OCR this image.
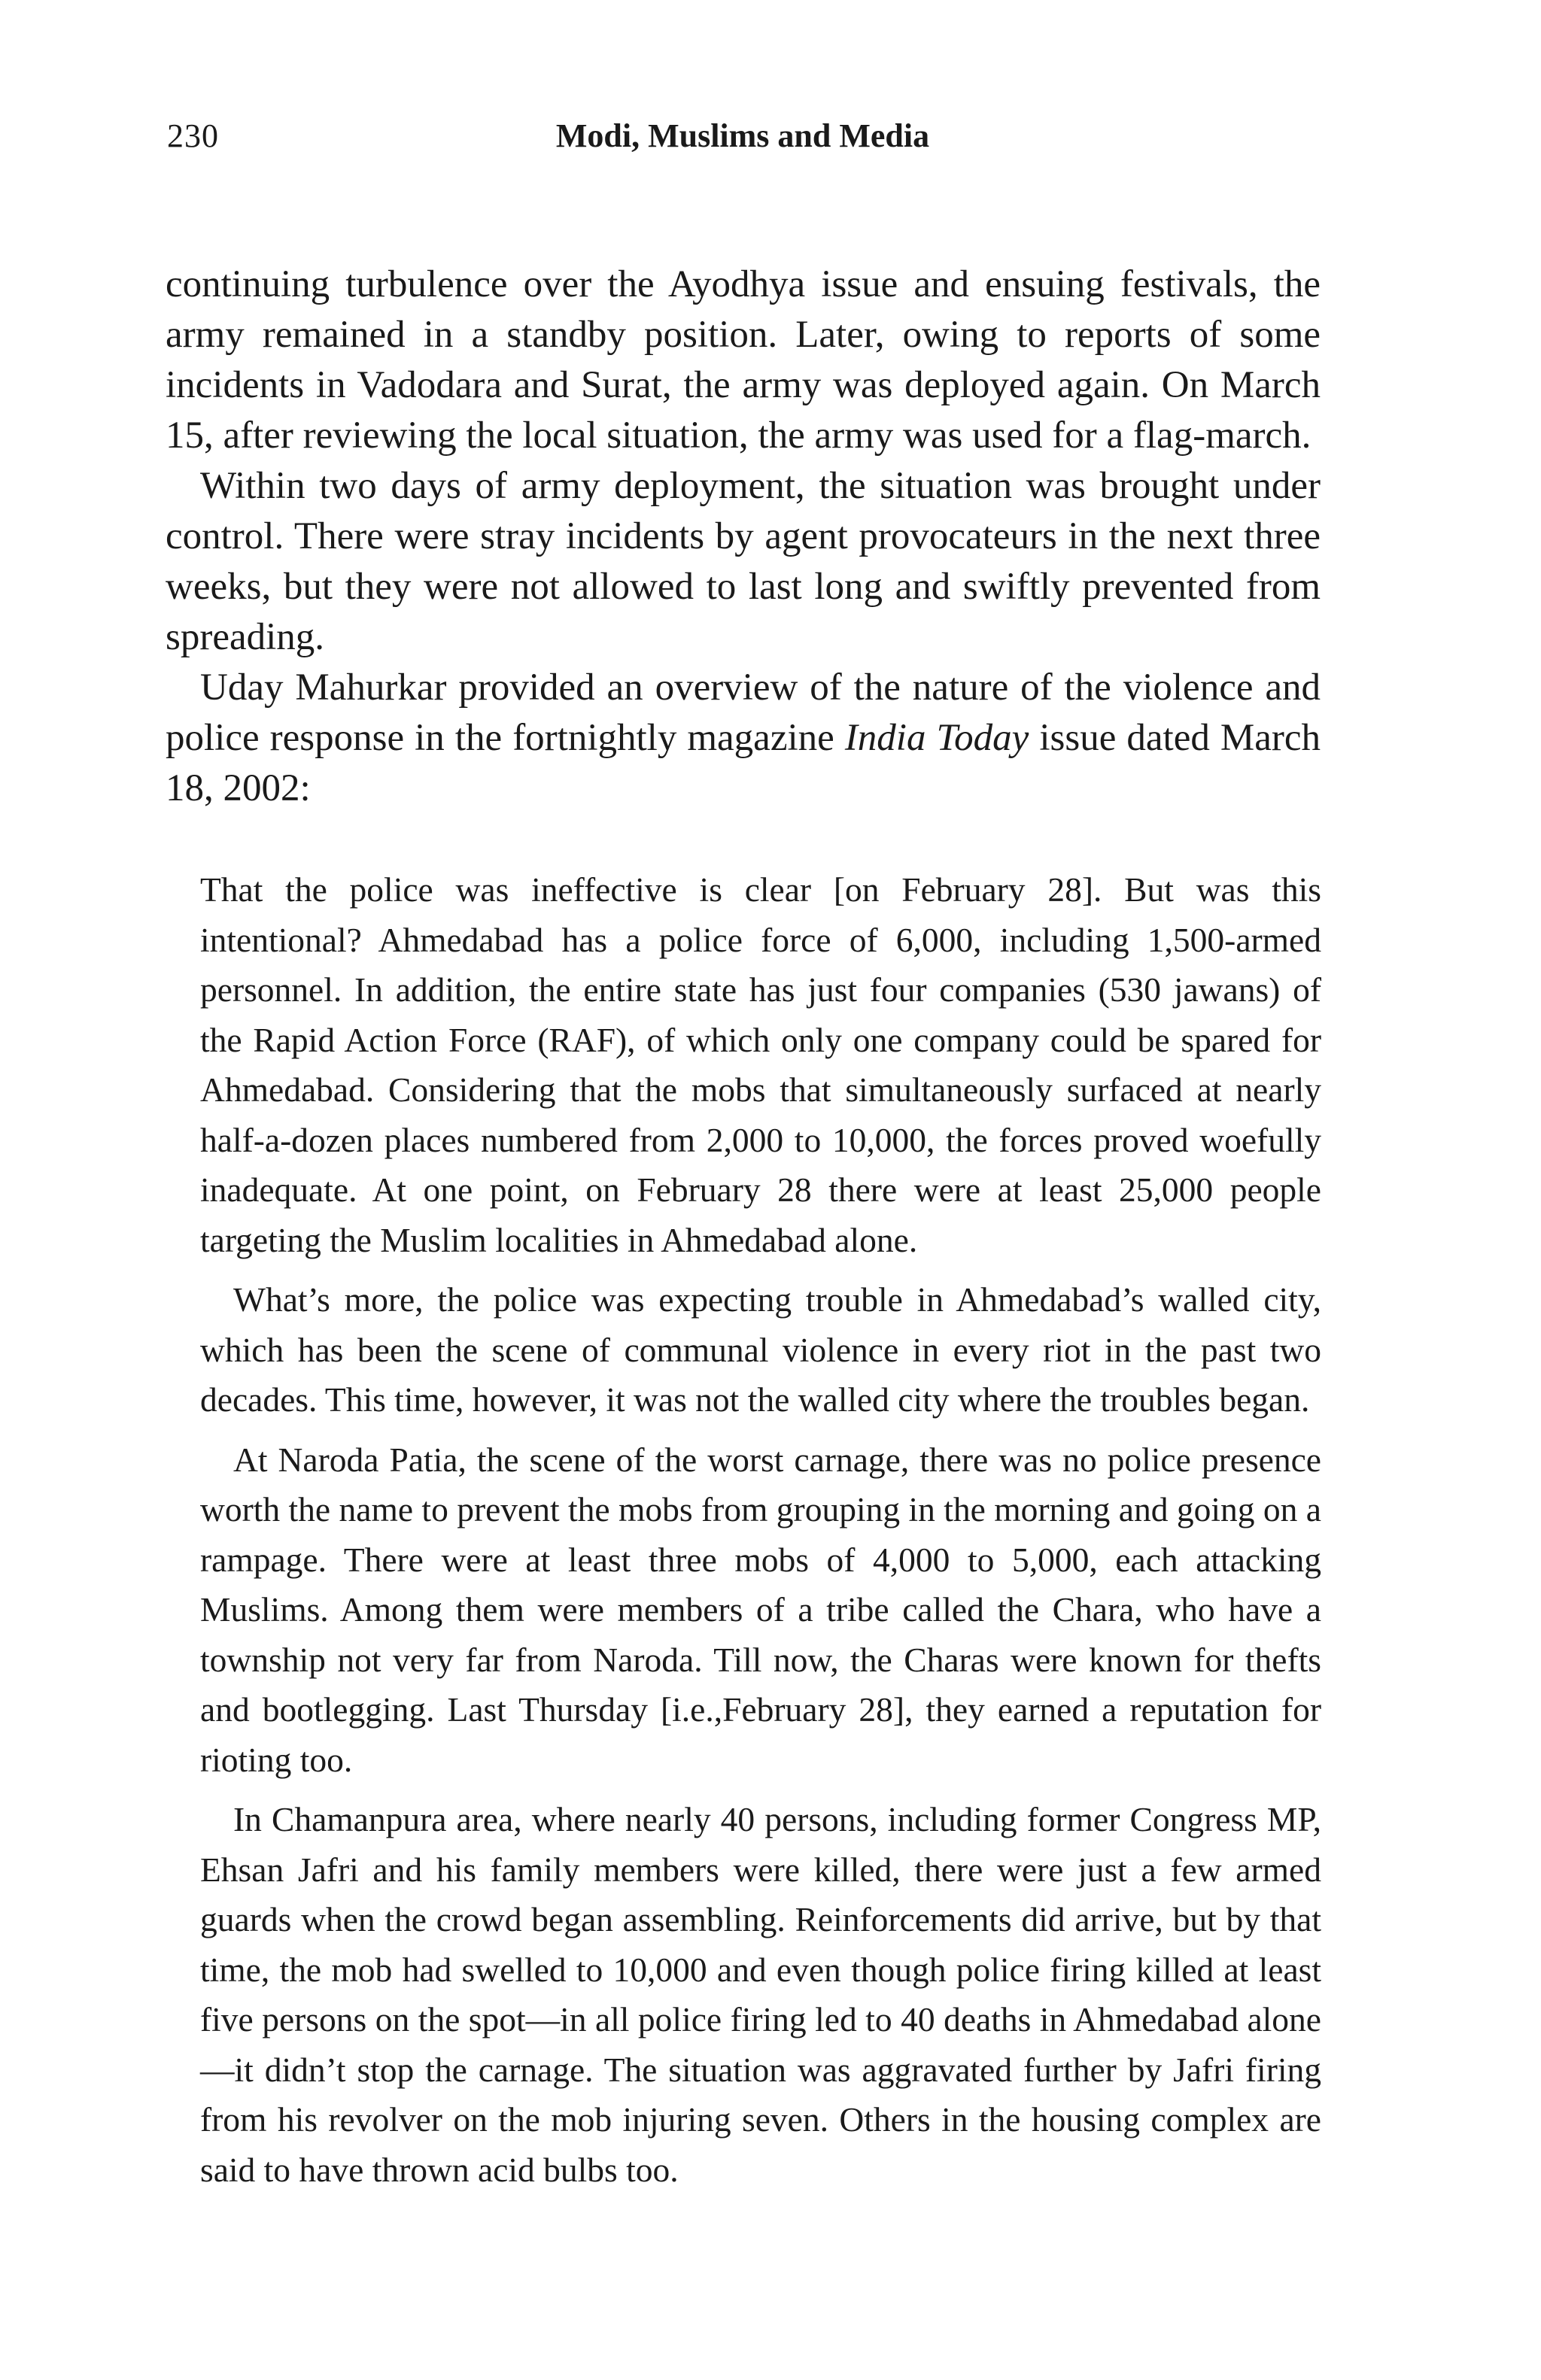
230	Modi, Muslims and Media

continuing turbulence over the Ayodhya issue and ensuing festivals, the army remained in a standby position. Later, owing to reports of some incidents in Vadodara and Surat, the army was deployed again. On March 15, after reviewing the local situation, the army was used for a flag-march.

Within two days of army deployment, the situation was brought under control. There were stray incidents by agent provocateurs in the next three weeks, but they were not allowed to last long and swiftly prevented from spreading.

Uday Mahurkar provided an overview of the nature of the violence and police response in the fortnightly magazine India Today issue dated March 18, 2002:

That the police was ineffective is clear [on February 28]. But was this intentional? Ahmedabad has a police force of 6,000, including 1,500-armed personnel. In addition, the entire state has just four companies (530 jawans) of the Rapid Action Force (RAF), of which only one company could be spared for Ahmedabad. Considering that the mobs that simultaneously surfaced at nearly half-a-dozen places numbered from 2,000 to 10,000, the forces proved woefully inadequate. At one point, on February 28 there were at least 25,000 people targeting the Muslim localities in Ahmedabad alone.

What’s more, the police was expecting trouble in Ahmedabad’s walled city, which has been the scene of communal violence in every riot in the past two decades. This time, however, it was not the walled city where the troubles began.

At Naroda Patia, the scene of the worst carnage, there was no police presence worth the name to prevent the mobs from grouping in the morning and going on a rampage. There were at least three mobs of 4,000 to 5,000, each attacking Muslims. Among them were members of a tribe called the Chara, who have a township not very far from Naroda. Till now, the Charas were known for thefts and bootlegging. Last Thursday [i.e.,February 28], they earned a reputation for rioting too.

In Chamanpura area, where nearly 40 persons, including former Congress MP, Ehsan Jafri and his family members were killed, there were just a few armed guards when the crowd began assembling. Reinforcements did arrive, but by that time, the mob had swelled to 10,000 and even though police firing killed at least five persons on the spot—in all police firing led to 40 deaths in Ahmedabad alone—it didn’t stop the carnage. The situation was aggravated further by Jafri firing from his revolver on the mob injuring seven. Others in the housing complex are said to have thrown acid bulbs too.
